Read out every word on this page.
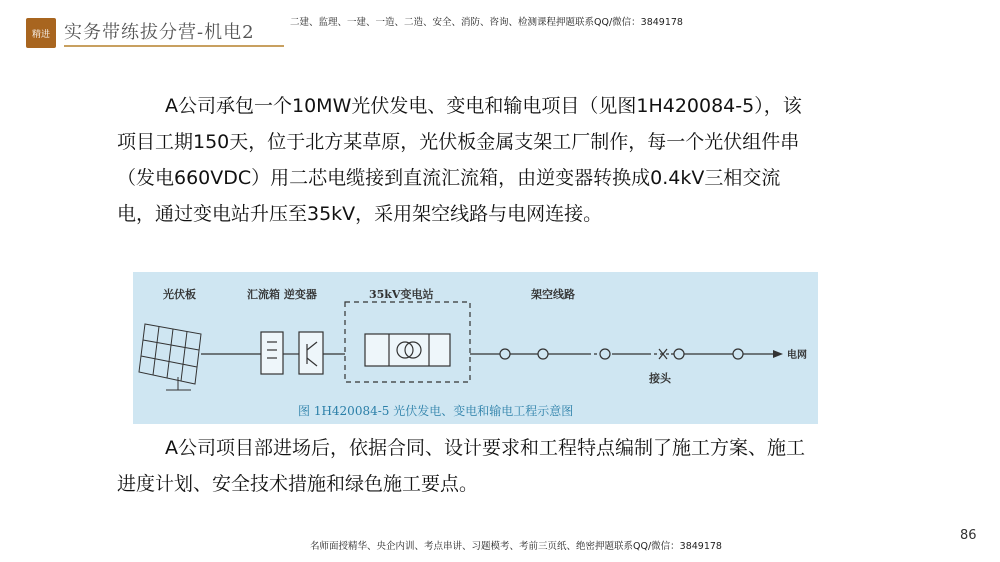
精进 实务带练拔分营-机电2	二建、监理、一建、一造、二造、安全、消防、咨询、检测课程押题联系QQ/微信：3849178

A公司承包一个10MW光伏发电、变电和输电项目（见图1H420084-5），该项目工期150天，位于北方某草原，光伏板金属支架工厂制作，每一个光伏组件串（发电660VDC）用二芯电缆接到直流汇流箱，由逆变器转换成0.4kV三相交流电，通过变电站升压至35kV，采用架空线路与电网连接。

光伏板	汇流箱 逆变器	35kV变电站	架空线路
接头
电网
图 1H420084-5 光伏发电、变电和输电工程示意图

A公司项目部进场后，依据合同、设计要求和工程特点编制了施工方案、施工进度计划、安全技术措施和绿色施工要点。

名师面授精华、央企内训、考点串讲、习题模考、考前三页纸、绝密押题联系QQ/微信：3849178
86
